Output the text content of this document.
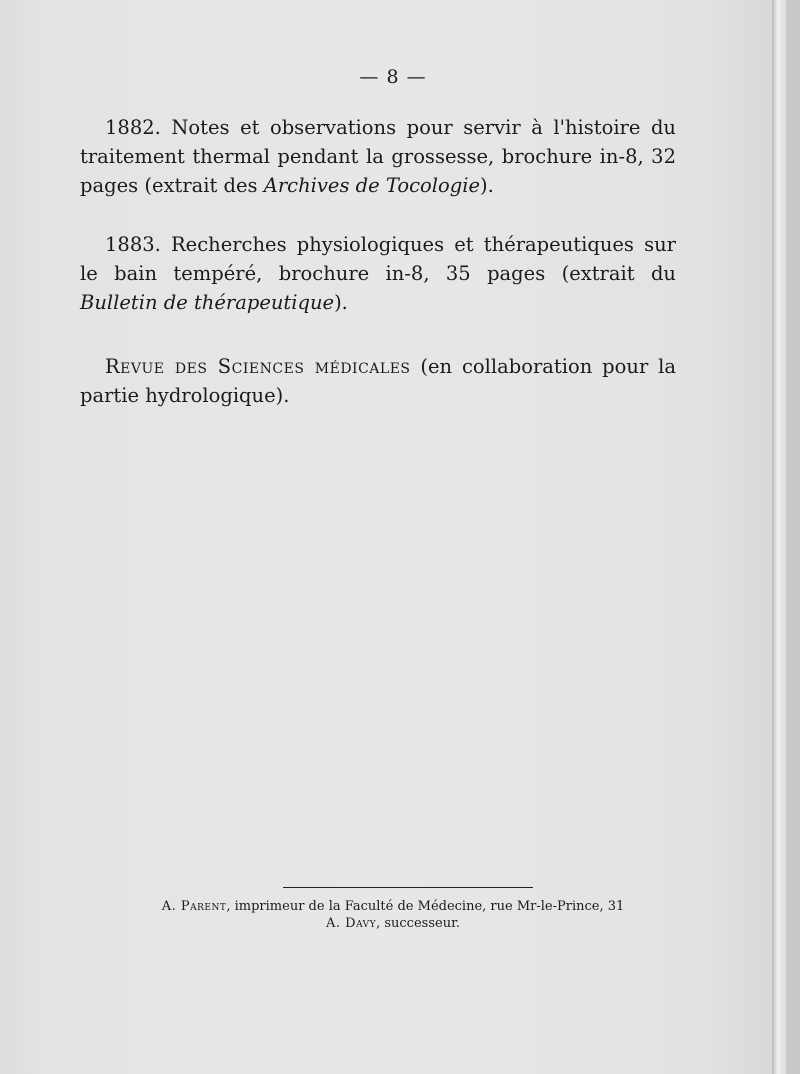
— 8 —

1882. Notes et observations pour servir à l'histoire du traitement thermal pendant la grossesse, brochure in-8, 32 pages (extrait des Archives de Tocologie).

1883. Recherches physiologiques et thérapeutiques sur le bain tempéré, brochure in-8, 35 pages (extrait du Bulletin de thérapeutique).

Revue des Sciences médicales (en collaboration pour la partie hydrologique).

A. Parent, imprimeur de la Faculté de Médecine, rue Mr-le-Prince, 31
A. Davy, successeur.
